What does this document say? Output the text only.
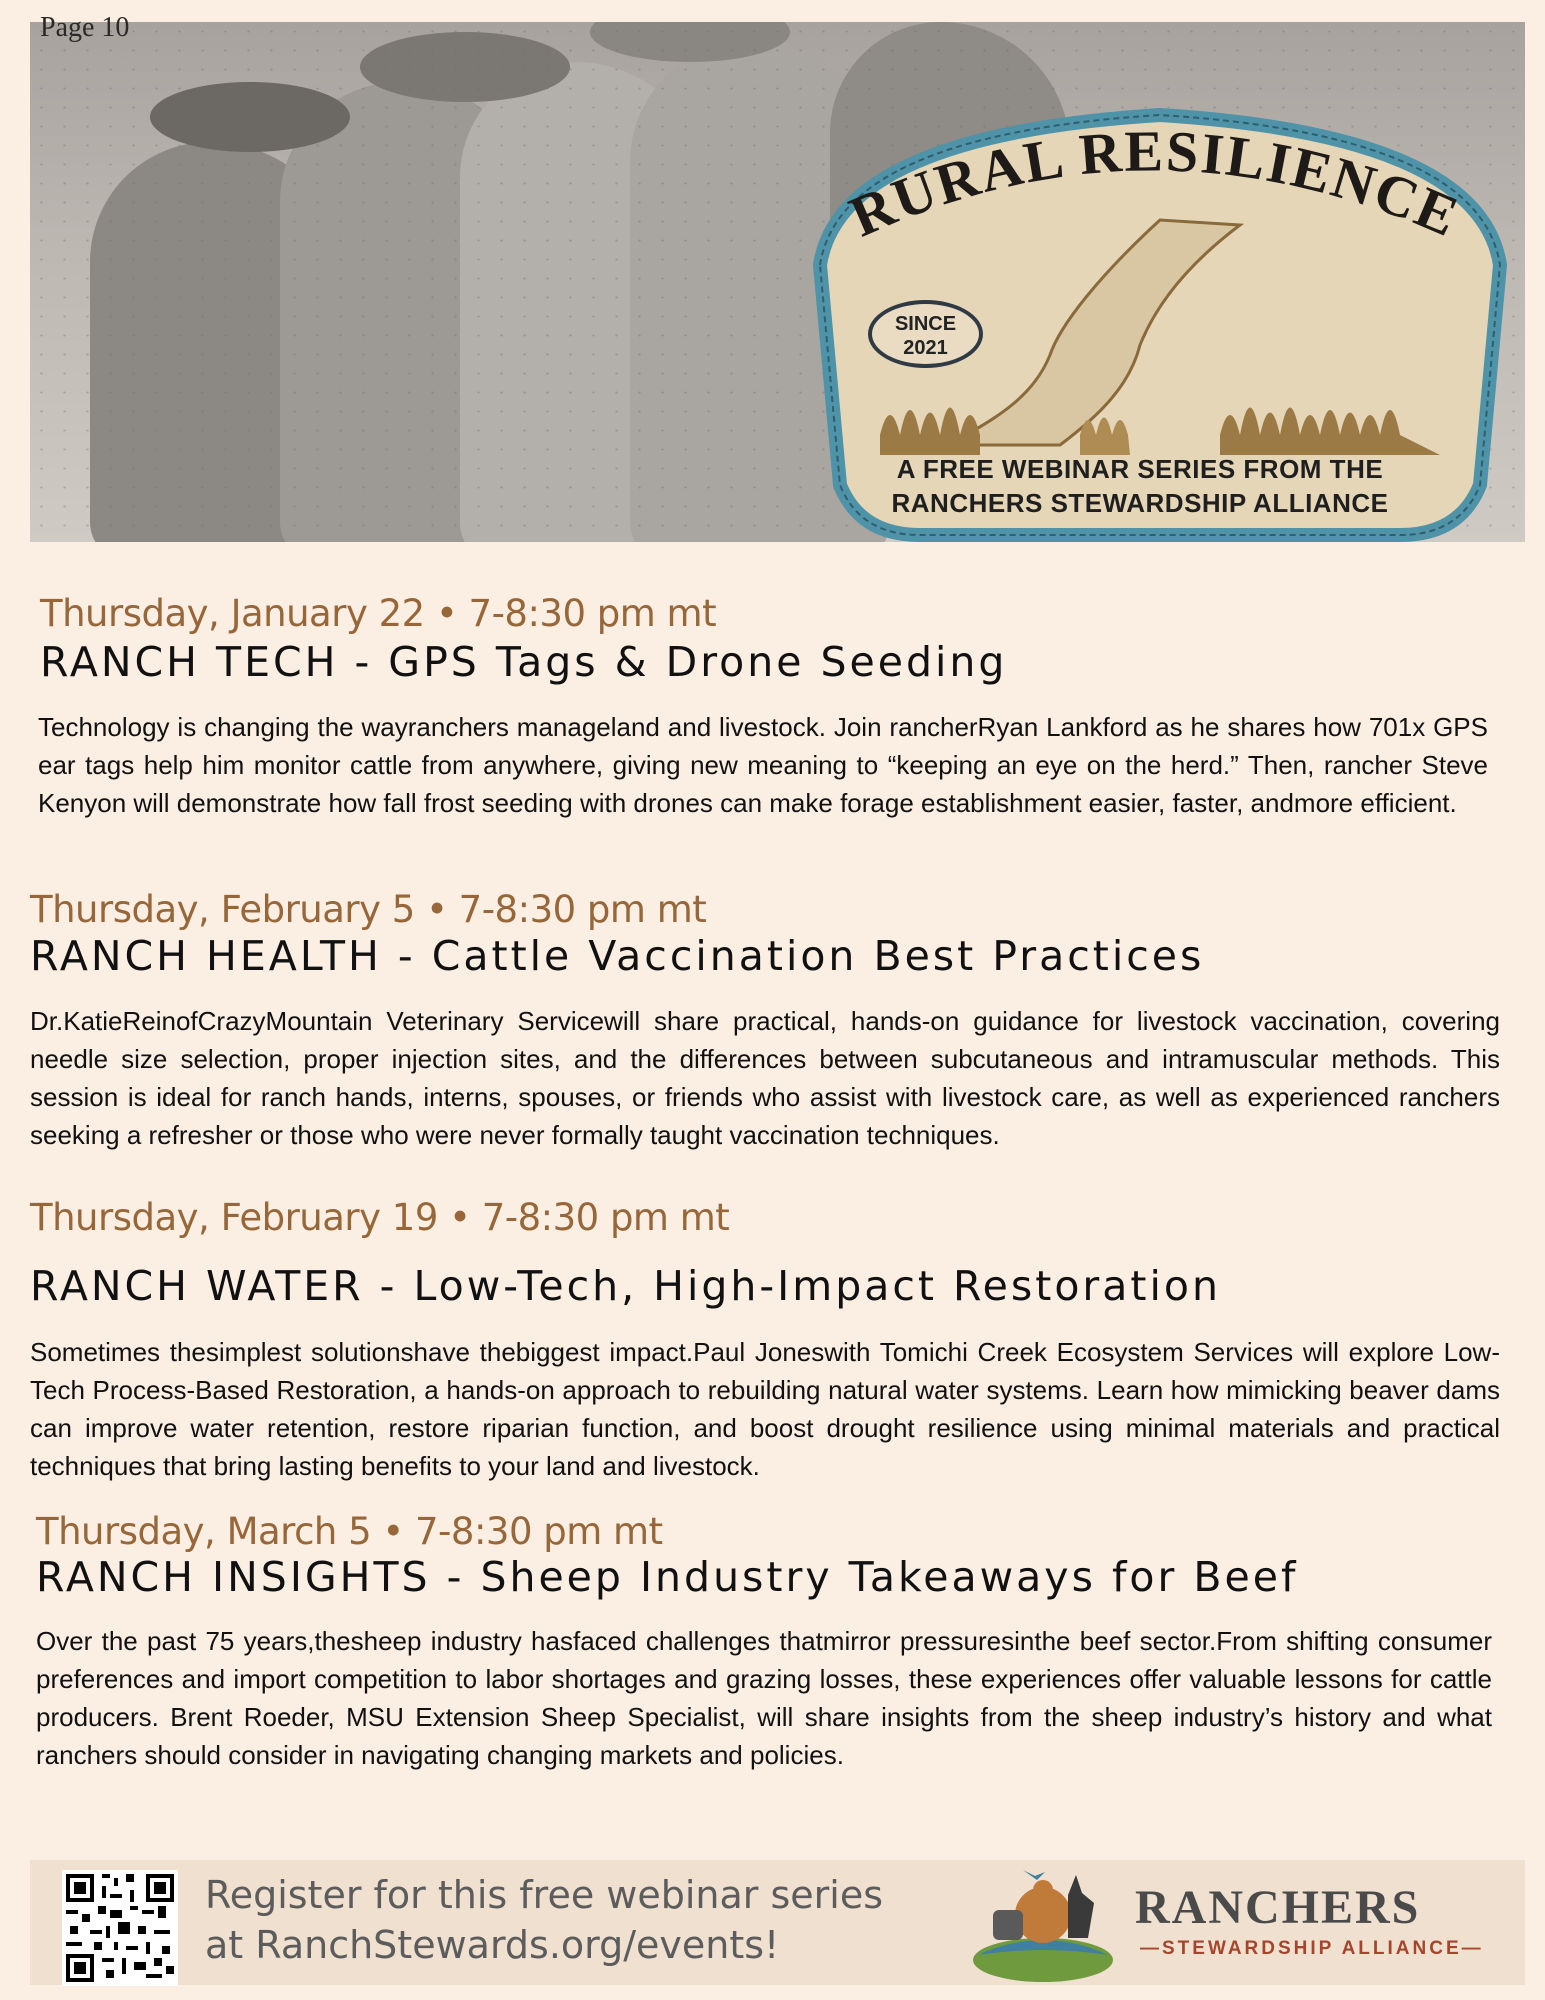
Page 10
RURAL RESILIENCE
SINCE
2021
A FREE WEBINAR SERIES FROM THE
RANCHERS STEWARDSHIP ALLIANCE
Thursday, January 22 • 7-8:30 pm mt
RANCH TECH - GPS Tags & Drone Seeding
Technology is changing the wayranchers manageland and livestock. Join rancherRyan Lankford as he shares how 701x GPS ear tags help him monitor cattle from anywhere, giving new meaning to “keeping an eye on the herd.” Then, rancher Steve Kenyon will demonstrate how fall frost seeding with drones can make forage establishment easier, faster, andmore efficient.
Thursday, February 5 • 7-8:30 pm mt
RANCH HEALTH - Cattle Vaccination Best Practices
Dr.KatieReinofCrazyMountain Veterinary Servicewill share practical, hands-on guidance for livestock vaccination, covering needle size selection, proper injection sites, and the differences between subcutaneous and intramuscular methods. This session is ideal for ranch hands, interns, spouses, or friends who assist with livestock care, as well as experienced ranchers seeking a refresher or those who were never formally taught vaccination techniques.
Thursday, February 19 • 7-8:30 pm mt
RANCH WATER - Low-Tech, High-Impact Restoration
Sometimes thesimplest solutionshave thebiggest impact.Paul Joneswith Tomichi Creek Ecosystem Services will explore Low-Tech Process-Based Restoration, a hands-on approach to rebuilding natural water systems. Learn how mimicking beaver dams can improve water retention, restore riparian function, and boost drought resilience using minimal materials and practical techniques that bring lasting benefits to your land and livestock.
Thursday, March 5 • 7-8:30 pm mt
RANCH INSIGHTS - Sheep Industry Takeaways for Beef
Over the past 75 years,thesheep industry hasfaced challenges thatmirror pressuresinthe beef sector.From shifting consumer preferences and import competition to labor shortages and grazing losses, these experiences offer valuable lessons for cattle producers. Brent Roeder, MSU Extension Sheep Specialist, will share insights from the sheep industry’s history and what ranchers should consider in navigating changing markets and policies.
Register for this free webinar series
at RanchStewards.org/events!
RANCHERS
—STEWARDSHIP ALLIANCE—
